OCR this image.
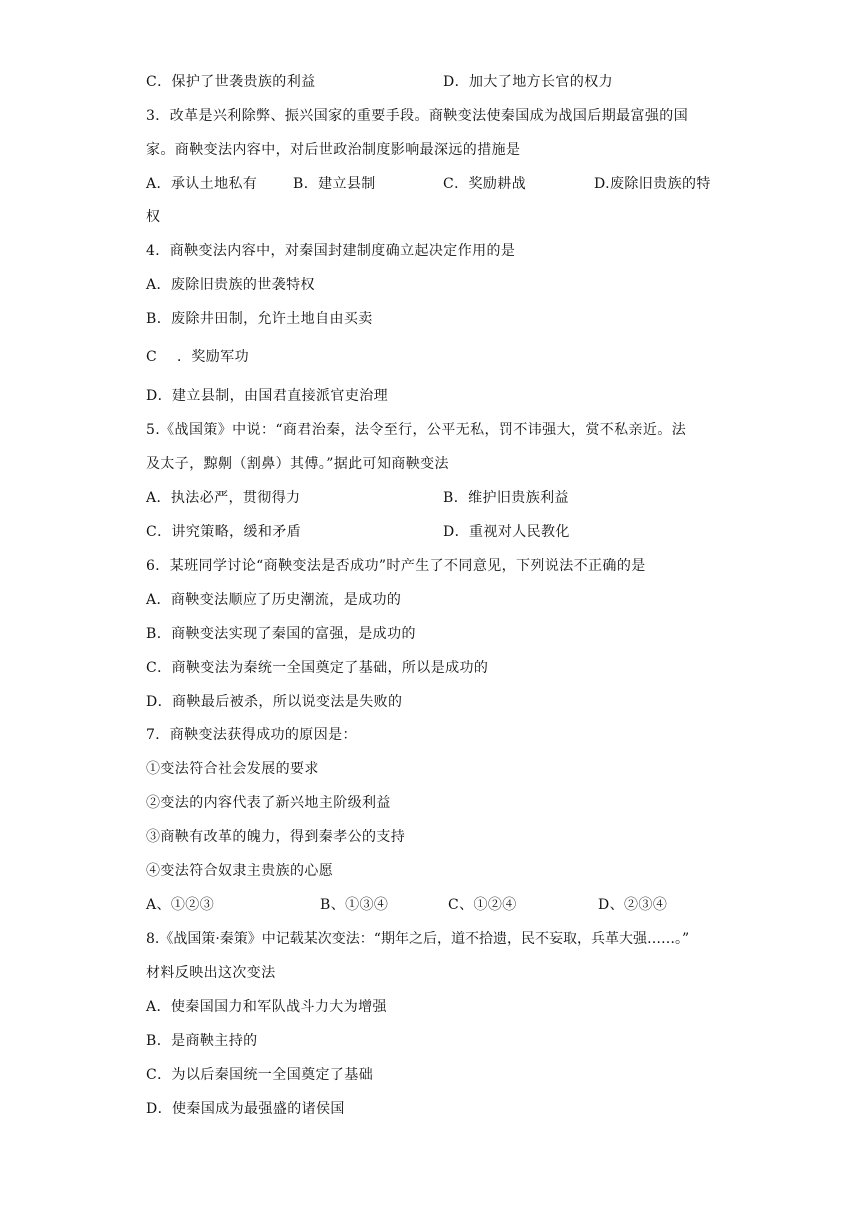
C．保护了世袭贵族的利益	D．加大了地方长官的权力
3．改革是兴利除弊、振兴国家的重要手段。商鞅变法使秦国成为战国后期最富强的国
家。商鞅变法内容中，对后世政治制度影响最深远的措施是
A．承认土地私有	B．建立县制	C．奖励耕战	D.废除旧贵族的特
权
4．商鞅变法内容中，对秦国封建制度确立起决定作用的是
A．废除旧贵族的世袭特权
B．废除井田制，允许土地自由买卖
C ．奖励军功
D．建立县制，由国君直接派官吏治理
5.《战国策》中说：“商君治秦，法令至行，公平无私，罚不讳强大，赏不私亲近。法
及太子，黥劓（割鼻）其傅。”据此可知商鞅变法
A．执法必严，贯彻得力	B．维护旧贵族利益
C．讲究策略，缓和矛盾	D．重视对人民教化
6．某班同学讨论“商鞅变法是否成功”时产生了不同意见，下列说法不正确的是
A．商鞅变法顺应了历史潮流，是成功的
B．商鞅变法实现了秦国的富强，是成功的
C．商鞅变法为秦统一全国奠定了基础，所以是成功的
D．商鞅最后被杀，所以说变法是失败的
7．商鞅变法获得成功的原因是：
①变法符合社会发展的要求
②变法的内容代表了新兴地主阶级利益
③商鞅有改革的魄力，得到秦孝公的支持
④变法符合奴隶主贵族的心愿
A、①②③	B、①③④	C、①②④	D、②③④
8.《战国策·秦策》中记载某次变法：“期年之后，道不拾遗，民不妄取，兵革大强……。”
材料反映出这次变法
A．使秦国国力和军队战斗力大为增强
B．是商鞅主持的
C．为以后秦国统一全国奠定了基础
D．使秦国成为最强盛的诸侯国
